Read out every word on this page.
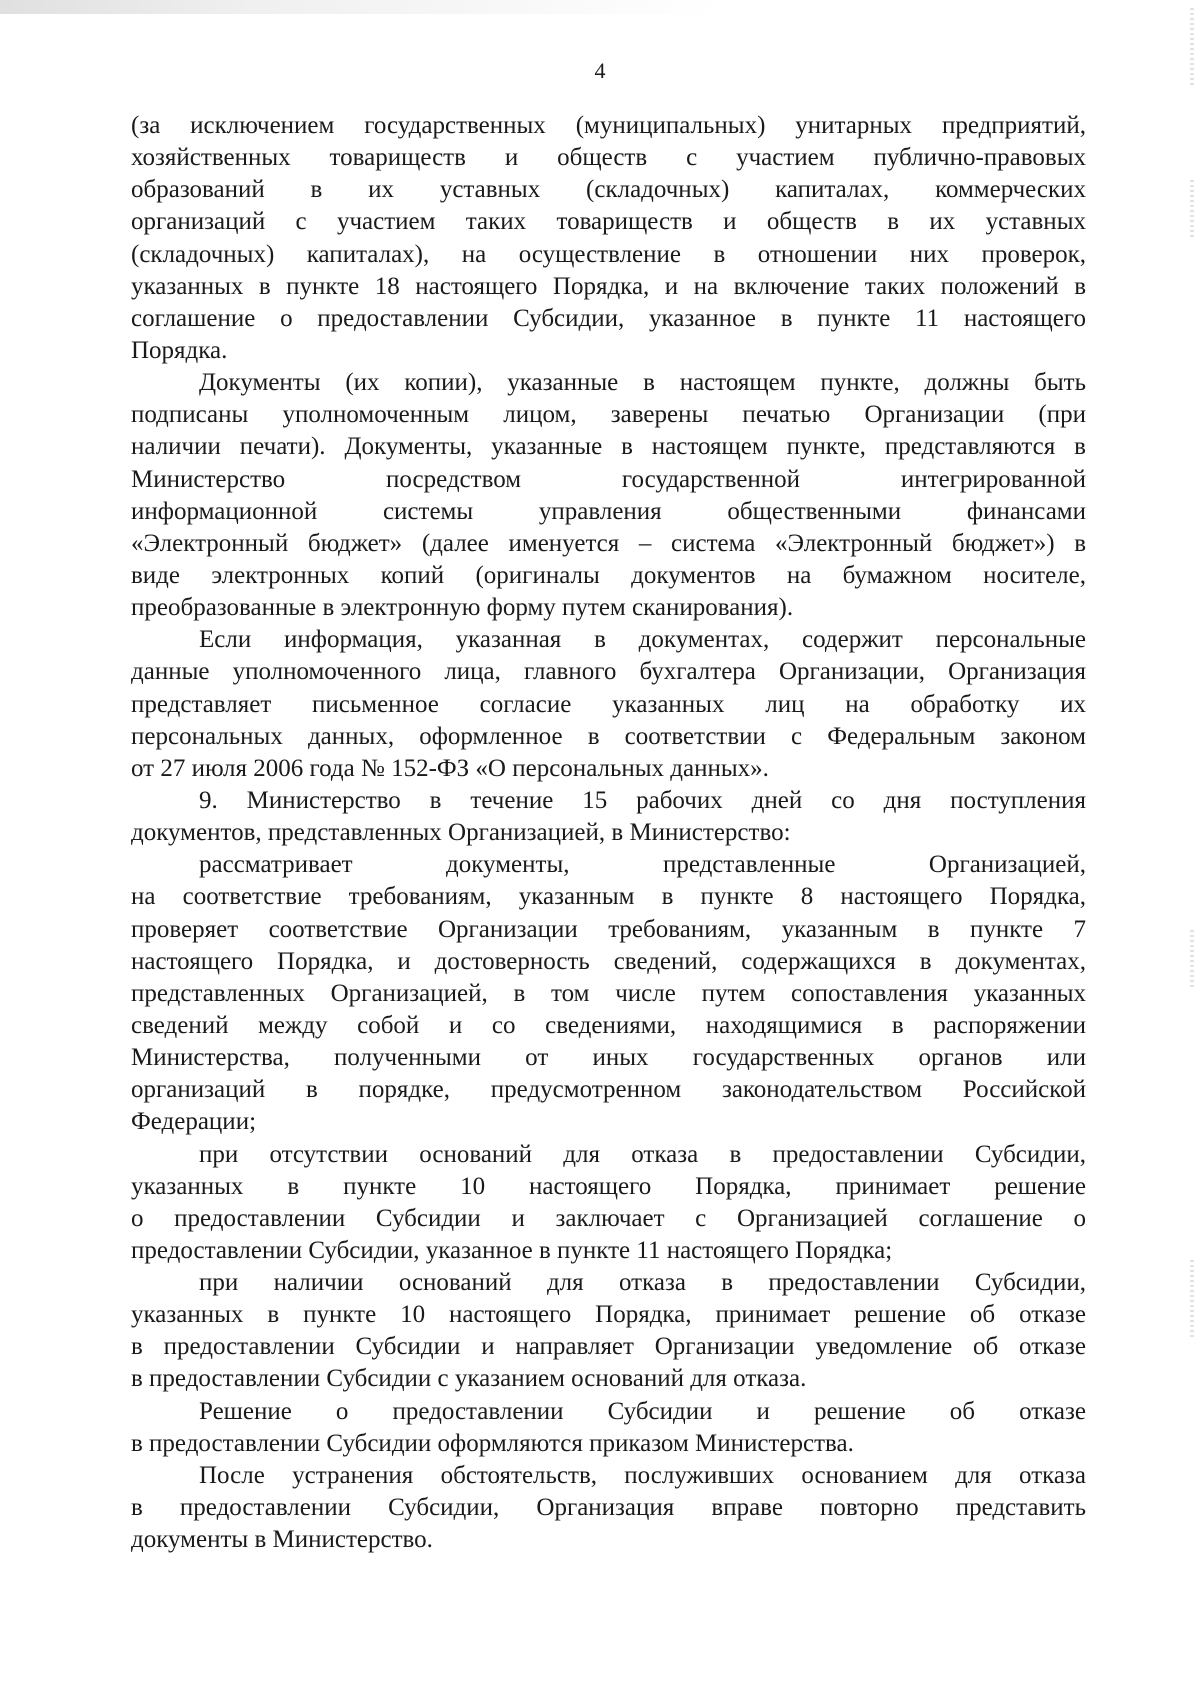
4
(за исключением государственных (муниципальных) унитарных предприятий,
хозяйственных товариществ и обществ с участием публично-правовых
образований в их уставных (складочных) капиталах, коммерческих
организаций с участием таких товариществ и обществ в их уставных
(складочных) капиталах), на осуществление в отношении них проверок,
указанных в пункте 18 настоящего Порядка, и на включение таких положений в
соглашение о предоставлении Субсидии, указанное в пункте 11 настоящего
Порядка.
Документы (их копии), указанные в настоящем пункте, должны быть
подписаны уполномоченным лицом, заверены печатью Организации (при
наличии печати). Документы, указанные в настоящем пункте, представляются в
Министерство посредством государственной интегрированной
информационной системы управления общественными финансами
«Электронный бюджет» (далее именуется – система «Электронный бюджет») в
виде электронных копий (оригиналы документов на бумажном носителе,
преобразованные в электронную форму путем сканирования).
Если информация, указанная в документах, содержит персональные
данные уполномоченного лица, главного бухгалтера Организации, Организация
представляет письменное согласие указанных лиц на обработку их
персональных данных, оформленное в соответствии с Федеральным законом
от 27 июля 2006 года № 152-ФЗ «О персональных данных».
9. Министерство в течение 15 рабочих дней со дня поступления
документов, представленных Организацией, в Министерство:
рассматривает документы, представленные Организацией,
на соответствие требованиям, указанным в пункте 8 настоящего Порядка,
проверяет соответствие Организации требованиям, указанным в пункте 7
настоящего Порядка, и достоверность сведений, содержащихся в документах,
представленных Организацией, в том числе путем сопоставления указанных
сведений между собой и со сведениями, находящимися в распоряжении
Министерства, полученными от иных государственных органов или
организаций в порядке, предусмотренном законодательством Российской
Федерации;
при отсутствии оснований для отказа в предоставлении Субсидии,
указанных в пункте 10 настоящего Порядка, принимает решение
о предоставлении Субсидии и заключает с Организацией соглашение о
предоставлении Субсидии, указанное в пункте 11 настоящего Порядка;
при наличии оснований для отказа в предоставлении Субсидии,
указанных в пункте 10 настоящего Порядка, принимает решение об отказе
в предоставлении Субсидии и направляет Организации уведомление об отказе
в предоставлении Субсидии с указанием оснований для отказа.
Решение о предоставлении Субсидии и решение об отказе
в предоставлении Субсидии оформляются приказом Министерства.
После устранения обстоятельств, послуживших основанием для отказа
в предоставлении Субсидии, Организация вправе повторно представить
документы в Министерство.
